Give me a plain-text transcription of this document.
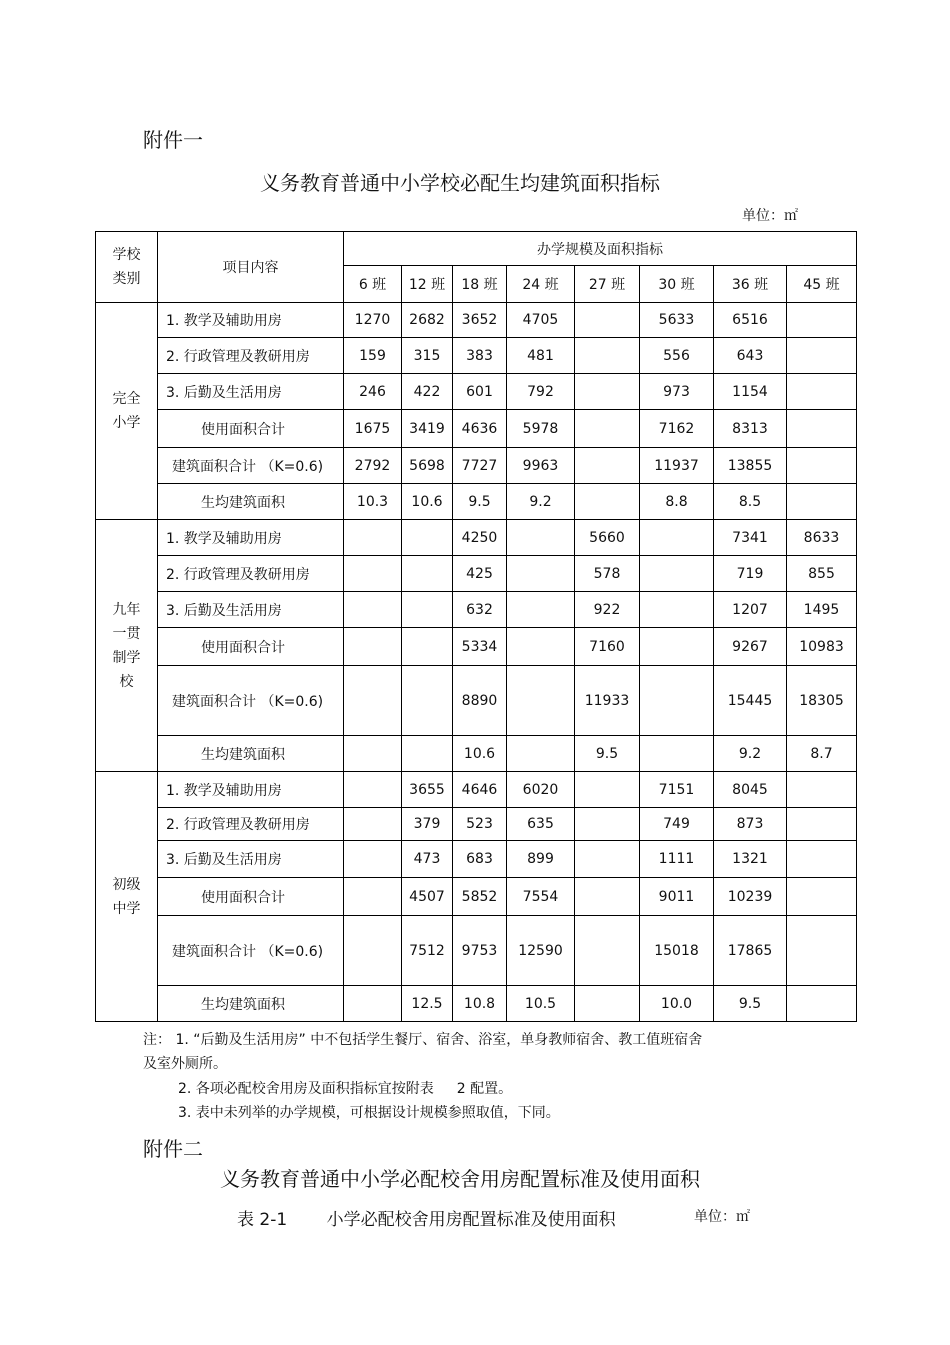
附件一
义务教育普通中小学校必配生均建筑面积指标
单位：㎡
学校类别	项目内容	办学规模及面积指标							
		6 班	12 班	18 班	24 班	27 班	30 班	36 班	45 班
完全小学	1. 教学及辅助用房	1270	2682	3652	4705		5633	6516	
	2. 行政管理及教研用房	159	315	383	481		556	643	
	3. 后勤及生活用房	246	422	601	792		973	1154	
	使用面积合计	1675	3419	4636	5978		7162	8313	
	建筑面积合计 （K=0.6)	2792	5698	7727	9963		11937	13855	
	生均建筑面积	10.3	10.6	9.5	9.2		8.8	8.5	
九年一贯制学校	1. 教学及辅助用房			4250		5660		7341	8633
	2. 行政管理及教研用房			425		578		719	855
	3. 后勤及生活用房			632		922		1207	1495
	使用面积合计			5334		7160		9267	10983
	建筑面积合计 （K=0.6)			8890		11933		15445	18305
	生均建筑面积			10.6		9.5		9.2	8.7
初级中学	1. 教学及辅助用房		3655	4646	6020		7151	8045	
	2. 行政管理及教研用房		379	523	635		749	873	
	3. 后勤及生活用房		473	683	899		1111	1321	
	使用面积合计		4507	5852	7554		9011	10239	
	建筑面积合计 （K=0.6)		7512	9753	12590		15018	17865	
	生均建筑面积		12.5	10.8	10.5		10.0	9.5	
注： 1. “后勤及生活用房” 中不包括学生餐厅、宿舍、浴室，单身教师宿舍、教工值班宿舍
及室外厕所。
2. 各项必配校舍用房及面积指标宜按附表 　 2 配置。
3. 表中未列举的办学规模，可根据设计规模参照取值，下同。
附件二
义务教育普通中小学必配校舍用房配置标准及使用面积
表 2-1 　　小学必配校舍用房配置标准及使用面积	单位：㎡
